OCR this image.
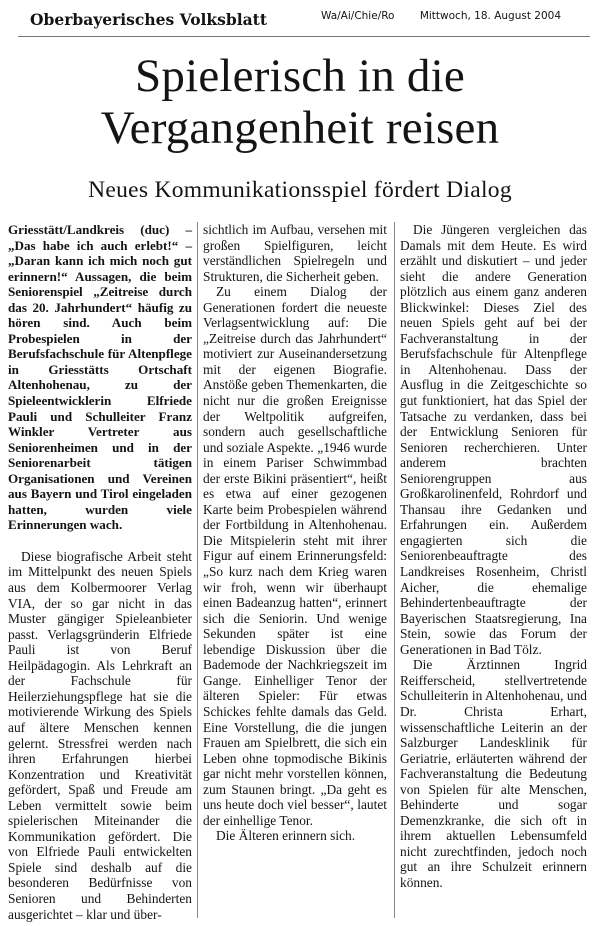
Oberbayerisches Volksblatt	Wa/Ai/Chie/Ro Mittwoch, 18. August 2004
Spielerisch in die
Vergangenheit reisen
Neues Kommunikationsspiel fördert Dialog

Griesstätt/Landkreis (duc) – „Das habe ich auch erlebt!“ – „Daran kann ich mich noch gut erinnern!“ Aussagen, die beim Seniorenspiel „Zeitreise durch das 20. Jahrhundert“ häufig zu hören sind. Auch beim Probespielen in der Berufsfachschule für Altenpflege in Griesstätts Ortschaft Altenhohenau, zu der Spieleentwicklerin Elfriede Pauli und Schulleiter Franz Winkler Vertreter aus Seniorenheimen und in der Seniorenarbeit tätigen Organisationen und Vereinen aus Bayern und Tirol eingeladen hatten, wurden viele Erinnerungen wach.

Diese biografische Arbeit steht im Mittelpunkt des neuen Spiels aus dem Kolbermoorer Verlag VIA, der so gar nicht in das Muster gängiger Spieleanbieter passt. Verlagsgründerin Elfriede Pauli ist von Beruf Heilpädagogin. Als Lehrkraft an der Fachschule für Heilerziehungspflege hat sie die motivierende Wirkung des Spiels auf ältere Menschen kennen gelernt. Stressfrei werden nach ihren Erfahrungen hierbei Konzentration und Kreativität gefördert, Spaß und Freude am Leben vermittelt sowie beim spielerischen Miteinander die Kommunikation gefördert. Die von Elfriede Pauli entwickelten Spiele sind deshalb auf die besonderen Bedürfnisse von Senioren und Behinderten ausgerichtet – klar und über-

sichtlich im Aufbau, versehen mit großen Spielfiguren, leicht verständlichen Spielregeln und Strukturen, die Sicherheit geben.

Zu einem Dialog der Generationen fordert die neueste Verlagsentwicklung auf: Die „Zeitreise durch das Jahrhundert“ motiviert zur Auseinandersetzung mit der eigenen Biografie. Anstöße geben Themenkarten, die nicht nur die großen Ereignisse der Weltpolitik aufgreifen, sondern auch gesellschaftliche und soziale Aspekte. „1946 wurde in einem Pariser Schwimmbad der erste Bikini präsentiert“, heißt es etwa auf einer gezogenen Karte beim Probespielen während der Fortbildung in Altenhohenau. Die Mitspielerin steht mit ihrer Figur auf einem Erinnerungsfeld: „So kurz nach dem Krieg waren wir froh, wenn wir überhaupt einen Badeanzug hatten“, erinnert sich die Seniorin. Und wenige Sekunden später ist eine lebendige Diskussion über die Bademode der Nachkriegszeit im Gange. Einhelliger Tenor der älteren Spieler: Für etwas Schickes fehlte damals das Geld. Eine Vorstellung, die die jungen Frauen am Spielbrett, die sich ein Leben ohne topmodische Bikinis gar nicht mehr vorstellen können, zum Staunen bringt. „Da geht es uns heute doch viel besser“, lautet der einhellige Tenor.

Die Älteren erinnern sich.

Die Jüngeren vergleichen das Damals mit dem Heute. Es wird erzählt und diskutiert – und jeder sieht die andere Generation plötzlich aus einem ganz anderen Blickwinkel: Dieses Ziel des neuen Spiels geht auf bei der Fachveranstaltung in der Berufsfachschule für Altenpflege in Altenhohenau. Dass der Ausflug in die Zeitgeschichte so gut funktioniert, hat das Spiel der Tatsache zu verdanken, dass bei der Entwicklung Senioren für Senioren recherchieren. Unter anderem brachten Seniorengruppen aus Großkarolinenfeld, Rohrdorf und Thansau ihre Gedanken und Erfahrungen ein. Außerdem engagierten sich die Seniorenbeauftragte des Landkreises Rosenheim, Christl Aicher, die ehemalige Behindertenbeauftragte der Bayerischen Staatsregierung, Ina Stein, sowie das Forum der Generationen in Bad Tölz.

Die Ärztinnen Ingrid Reifferscheid, stellvertretende Schulleiterin in Altenhohenau, und Dr. Christa Erhart, wissenschaftliche Leiterin an der Salzburger Landesklinik für Geriatrie, erläuterten während der Fachveranstaltung die Bedeutung von Spielen für alte Menschen, Behinderte und sogar Demenzkranke, die sich oft in ihrem aktuellen Lebensumfeld nicht zurechtfinden, jedoch noch gut an ihre Schulzeit erinnern können.
